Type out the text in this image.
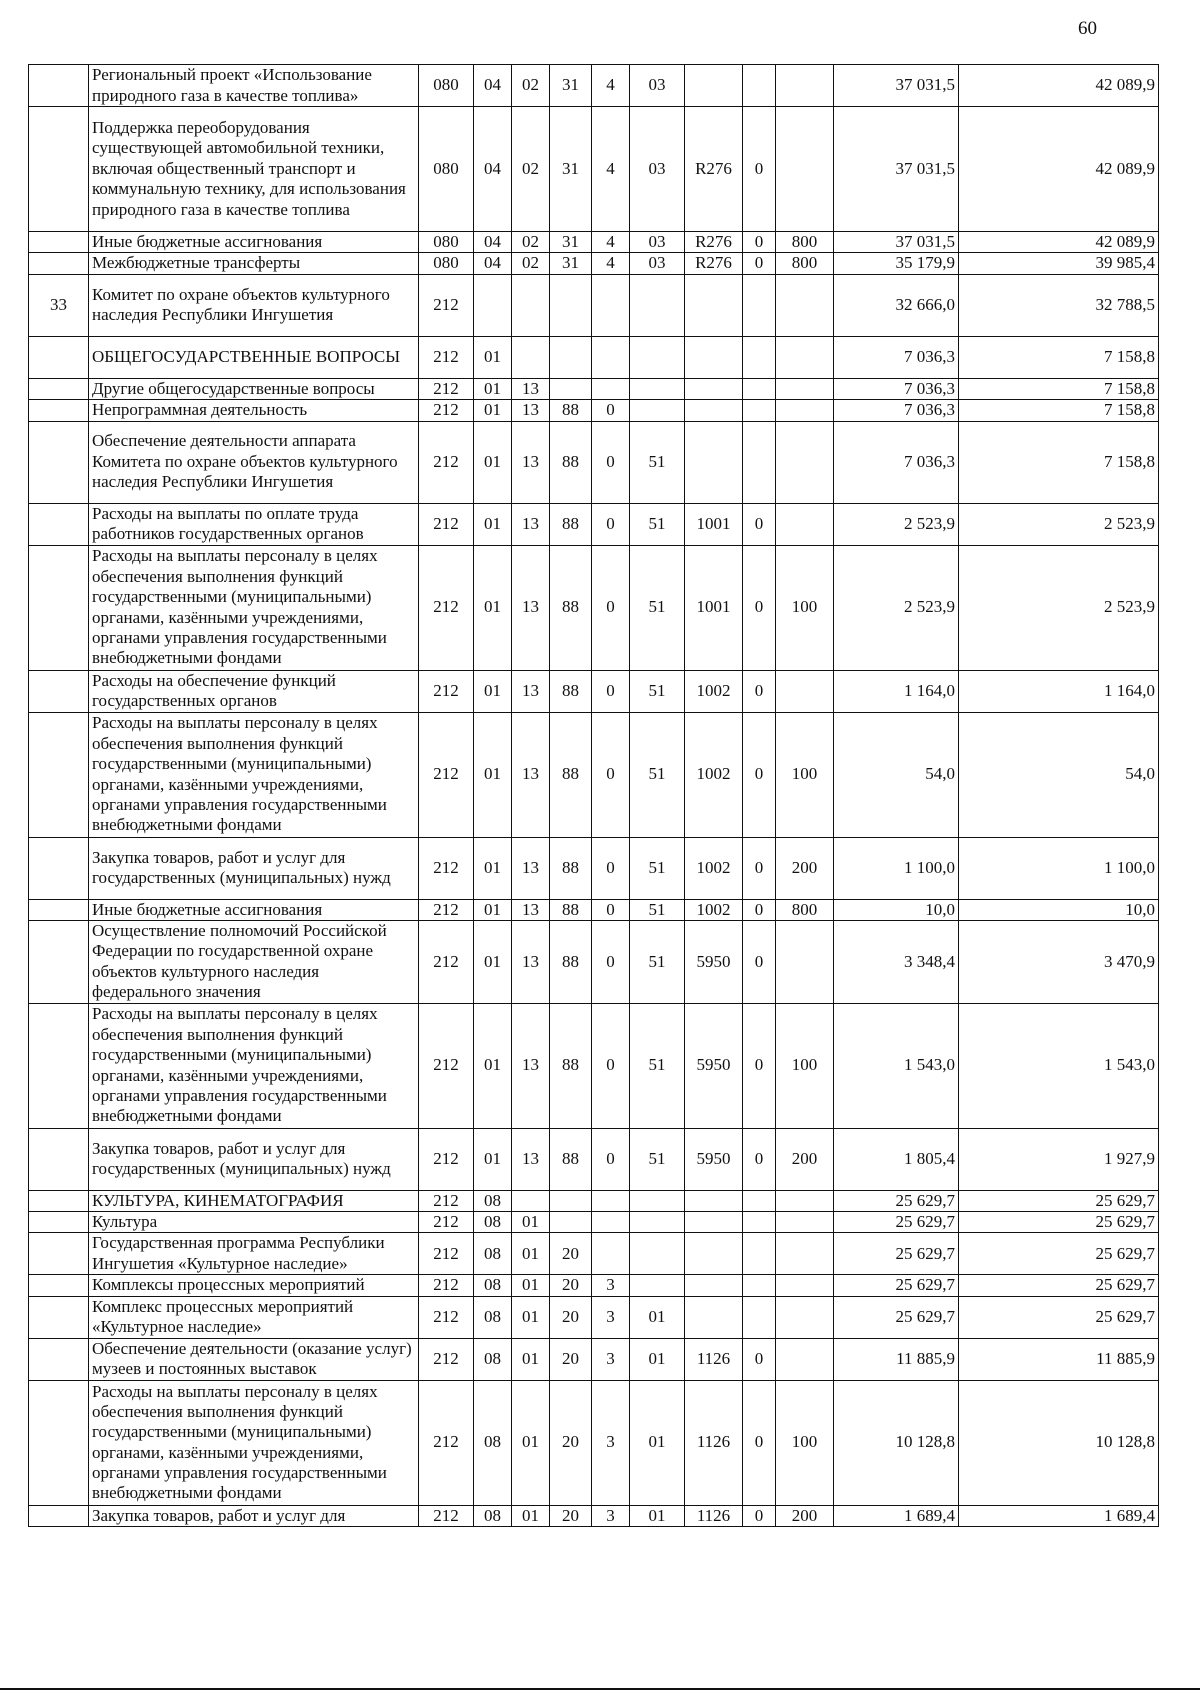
60
	Региональный проект «Использование природного газа в качестве топлива»	080	04	02	31	4	03				37 031,5	42 089,9
	Поддержка переоборудования существующей автомобильной техники, включая общественный транспорт и коммунальную технику, для использования природного газа в качестве топлива	080	04	02	31	4	03	R276	0		37 031,5	42 089,9
	Иные бюджетные ассигнования	080	04	02	31	4	03	R276	0	800	37 031,5	42 089,9
	Межбюджетные трансферты	080	04	02	31	4	03	R276	0	800	35 179,9	39 985,4
33	Комитет по охране объектов культурного наследия Республики Ингушетия	212									32 666,0	32 788,5
	ОБЩЕГОСУДАРСТВЕННЫЕ ВОПРОСЫ	212	01								7 036,3	7 158,8
	Другие общегосударственные вопросы	212	01	13							7 036,3	7 158,8
	Непрограммная деятельность	212	01	13	88	0					7 036,3	7 158,8
	Обеспечение деятельности аппарата Комитета по охране объектов культурного наследия Республики Ингушетия	212	01	13	88	0	51				7 036,3	7 158,8
	Расходы на выплаты по оплате труда работников государственных органов	212	01	13	88	0	51	1001	0		2 523,9	2 523,9
	Расходы на выплаты персоналу в целях обеспечения выполнения функций государственными (муниципальными) органами, казёнными учреждениями, органами управления государственными внебюджетными фондами	212	01	13	88	0	51	1001	0	100	2 523,9	2 523,9
	Расходы на обеспечение функций государственных органов	212	01	13	88	0	51	1002	0		1 164,0	1 164,0
	Расходы на выплаты персоналу в целях обеспечения выполнения функций государственными (муниципальными) органами, казёнными учреждениями, органами управления государственными внебюджетными фондами	212	01	13	88	0	51	1002	0	100	54,0	54,0
	Закупка товаров, работ и услуг для государственных (муниципальных) нужд	212	01	13	88	0	51	1002	0	200	1 100,0	1 100,0
	Иные бюджетные ассигнования	212	01	13	88	0	51	1002	0	800	10,0	10,0
	Осуществление полномочий Российской Федерации по государственной охране объектов культурного наследия федерального значения	212	01	13	88	0	51	5950	0		3 348,4	3 470,9
	Расходы на выплаты персоналу в целях обеспечения выполнения функций государственными (муниципальными) органами, казёнными учреждениями, органами управления государственными внебюджетными фондами	212	01	13	88	0	51	5950	0	100	1 543,0	1 543,0
	Закупка товаров, работ и услуг для государственных (муниципальных) нужд	212	01	13	88	0	51	5950	0	200	1 805,4	1 927,9
	КУЛЬТУРА, КИНЕМАТОГРАФИЯ	212	08								25 629,7	25 629,7
	Культура	212	08	01							25 629,7	25 629,7
	Государственная программа Республики Ингушетия «Культурное наследие»	212	08	01	20						25 629,7	25 629,7
	Комплексы процессных мероприятий	212	08	01	20	3					25 629,7	25 629,7
	Комплекс процессных мероприятий «Культурное наследие»	212	08	01	20	3	01				25 629,7	25 629,7
	Обеспечение деятельности (оказание услуг) музеев и постоянных выставок	212	08	01	20	3	01	1126	0		11 885,9	11 885,9
	Расходы на выплаты персоналу в целях обеспечения выполнения функций государственными (муниципальными) органами, казёнными учреждениями, органами управления государственными внебюджетными фондами	212	08	01	20	3	01	1126	0	100	10 128,8	10 128,8
	Закупка товаров, работ и услуг для	212	08	01	20	3	01	1126	0	200	1 689,4	1 689,4
